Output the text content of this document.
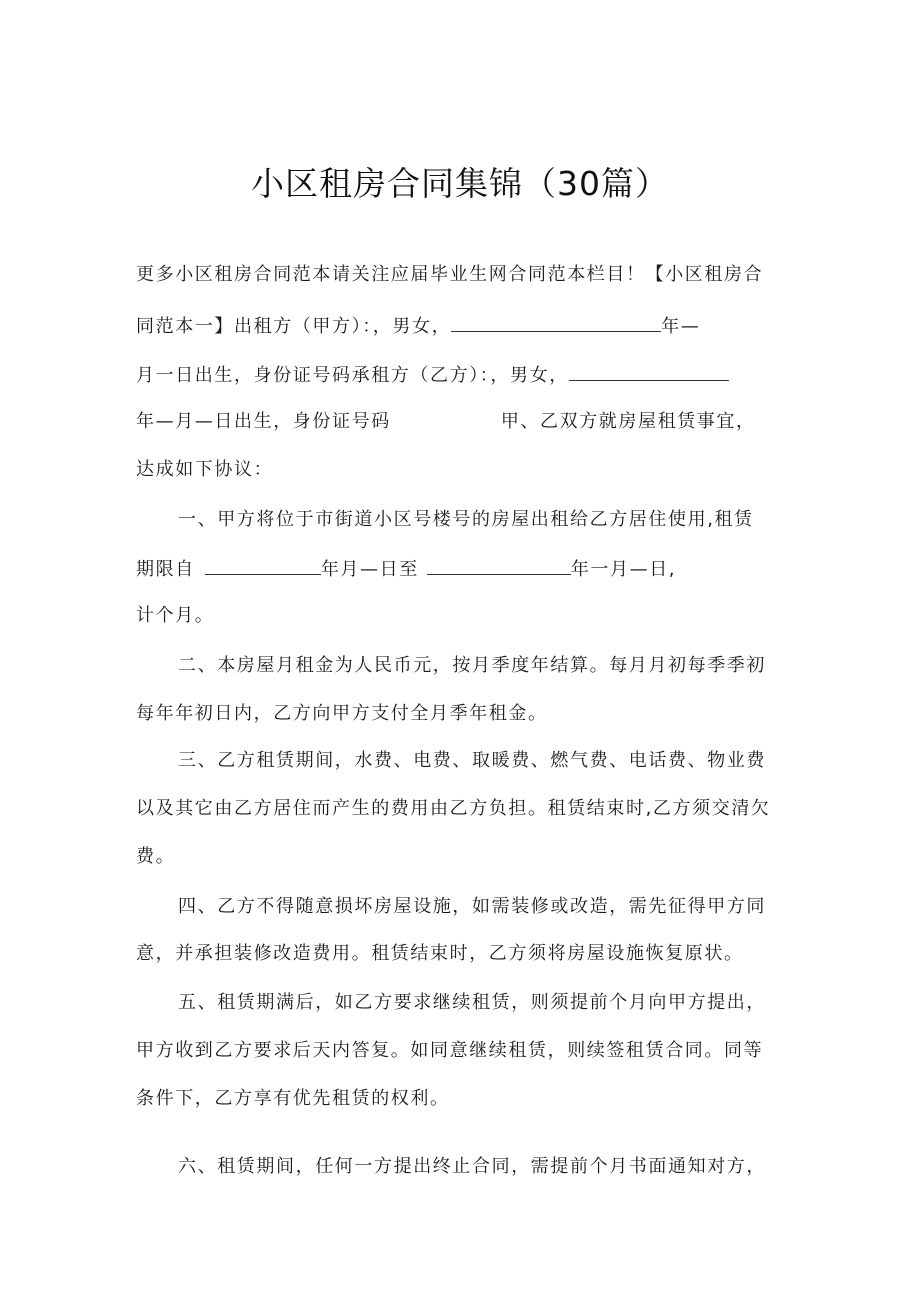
小区租房合同集锦（30篇）
更多小区租房合同范本请关注应届毕业生网合同范本栏目！【小区租房合
同范本一】出租方（甲方）：，男女，	年—
月一日出生，身份证号码承租方（乙方）：，男女，
年—月—日出生，身份证号码	甲、乙双方就房屋租赁事宜，
达成如下协议：
一、甲方将位于市街道小区号楼号的房屋出租给乙方居住使用,租赁
期限自	年月—日至	年一月—日,
计个月。
二、本房屋月租金为人民币元，按月季度年结算。每月月初每季季初
每年年初日内，乙方向甲方支付全月季年租金。
三、乙方租赁期间，水费、电费、取暖费、燃气费、电话费、物业费
以及其它由乙方居住而产生的费用由乙方负担。租赁结束时,乙方须交清欠
费。
四、乙方不得随意损坏房屋设施，如需装修或改造，需先征得甲方同
意，并承担装修改造费用。租赁结束时，乙方须将房屋设施恢复原状。
五、租赁期满后，如乙方要求继续租赁，则须提前个月向甲方提出，
甲方收到乙方要求后天内答复。如同意继续租赁，则续签租赁合同。同等
条件下，乙方享有优先租赁的权利。
六、租赁期间，任何一方提出终止合同，需提前个月书面通知对方，
